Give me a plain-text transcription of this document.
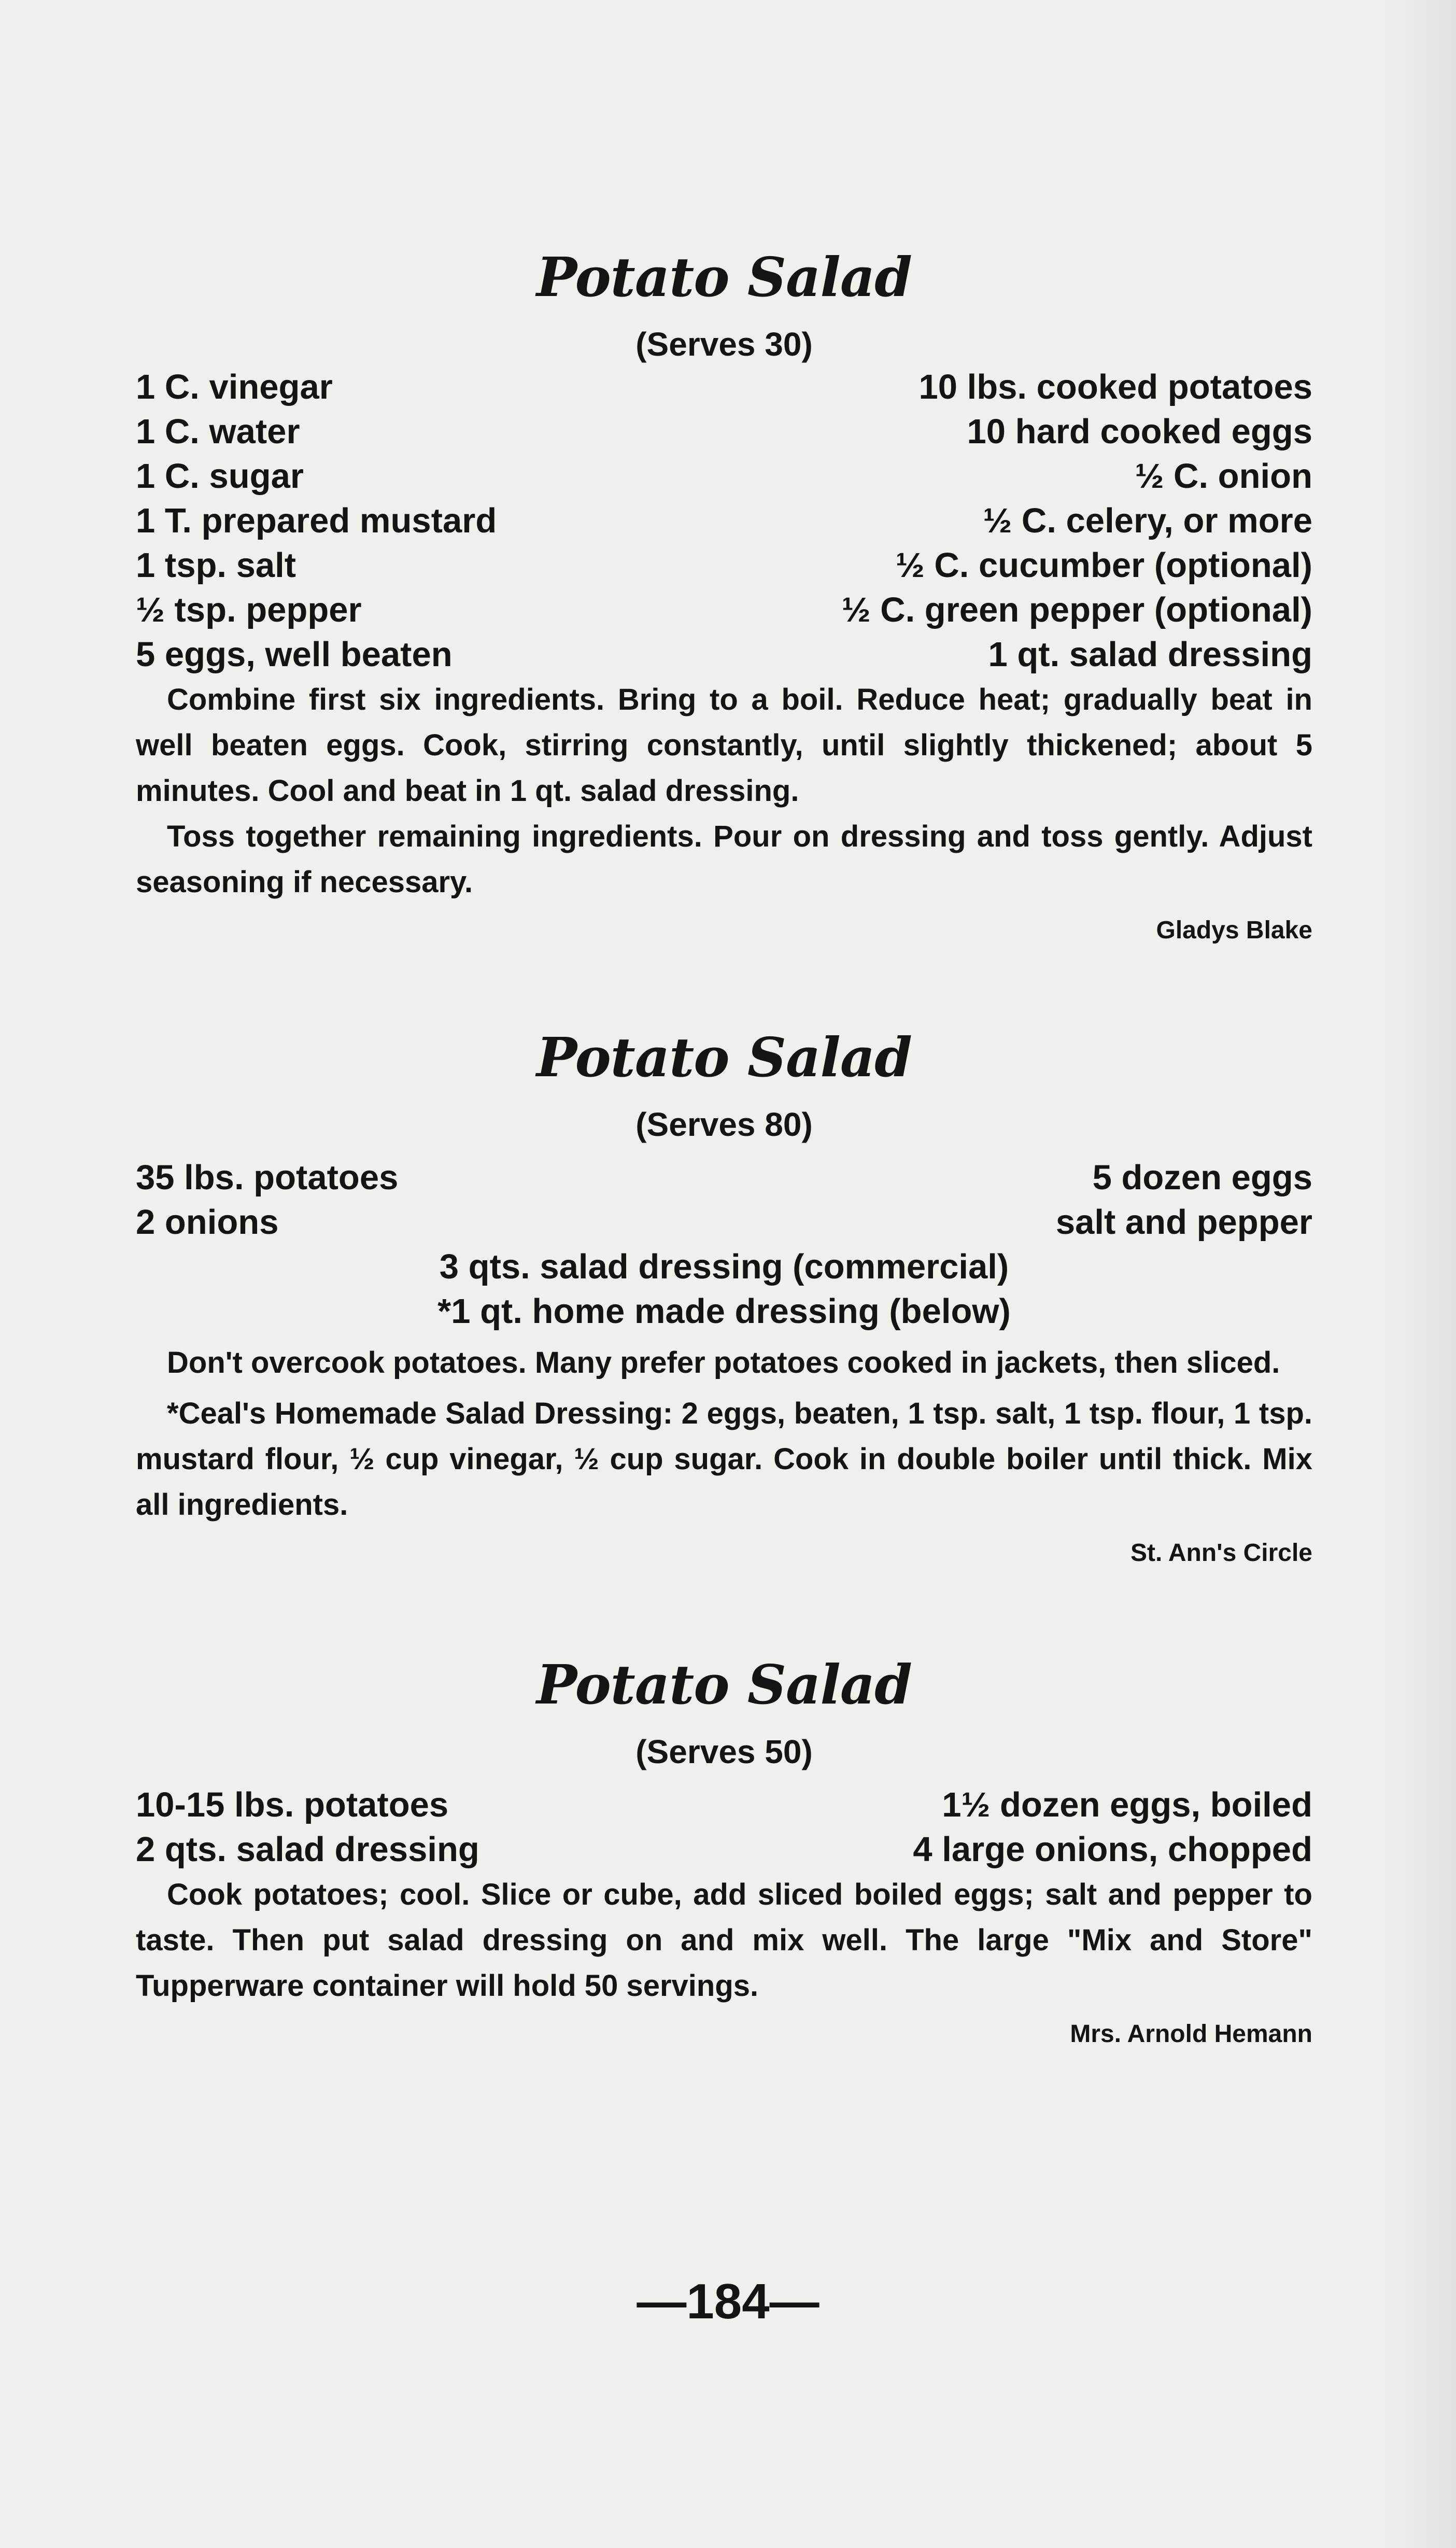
Potato Salad
(Serves 30)
1 C. vinegar
1 C. water
1 C. sugar
1 T. prepared mustard
1 tsp. salt
½ tsp. pepper
5 eggs, well beaten
10 lbs. cooked potatoes
10 hard cooked eggs
½ C. onion
½ C. celery, or more
½ C. cucumber (optional)
½ C. green pepper (optional)
1 qt. salad dressing

Combine first six ingredients. Bring to a boil. Reduce heat; gradually beat in well beaten eggs. Cook, stirring constantly, until slightly thickened; about 5 minutes. Cool and beat in 1 qt. salad dressing.

Toss together remaining ingredients. Pour on dressing and toss gently. Adjust seasoning if necessary.

Gladys Blake
Potato Salad
(Serves 80)
35 lbs. potatoes
2 onions
5 dozen eggs
salt and pepper
3 qts. salad dressing (commercial)
*1 qt. home made dressing (below)

Don't overcook potatoes. Many prefer potatoes cooked in jackets, then sliced.

*Ceal's Homemade Salad Dressing: 2 eggs, beaten, 1 tsp. salt, 1 tsp. flour, 1 tsp. mustard flour, ½ cup vinegar, ½ cup sugar. Cook in double boiler until thick. Mix all ingredients.

St. Ann's Circle
Potato Salad
(Serves 50)
10-15 lbs. potatoes
2 qts. salad dressing
1½ dozen eggs, boiled
4 large onions, chopped

Cook potatoes; cool. Slice or cube, add sliced boiled eggs; salt and pepper to taste. Then put salad dressing on and mix well. The large "Mix and Store" Tupperware container will hold 50 servings.

Mrs. Arnold Hemann
—184—
